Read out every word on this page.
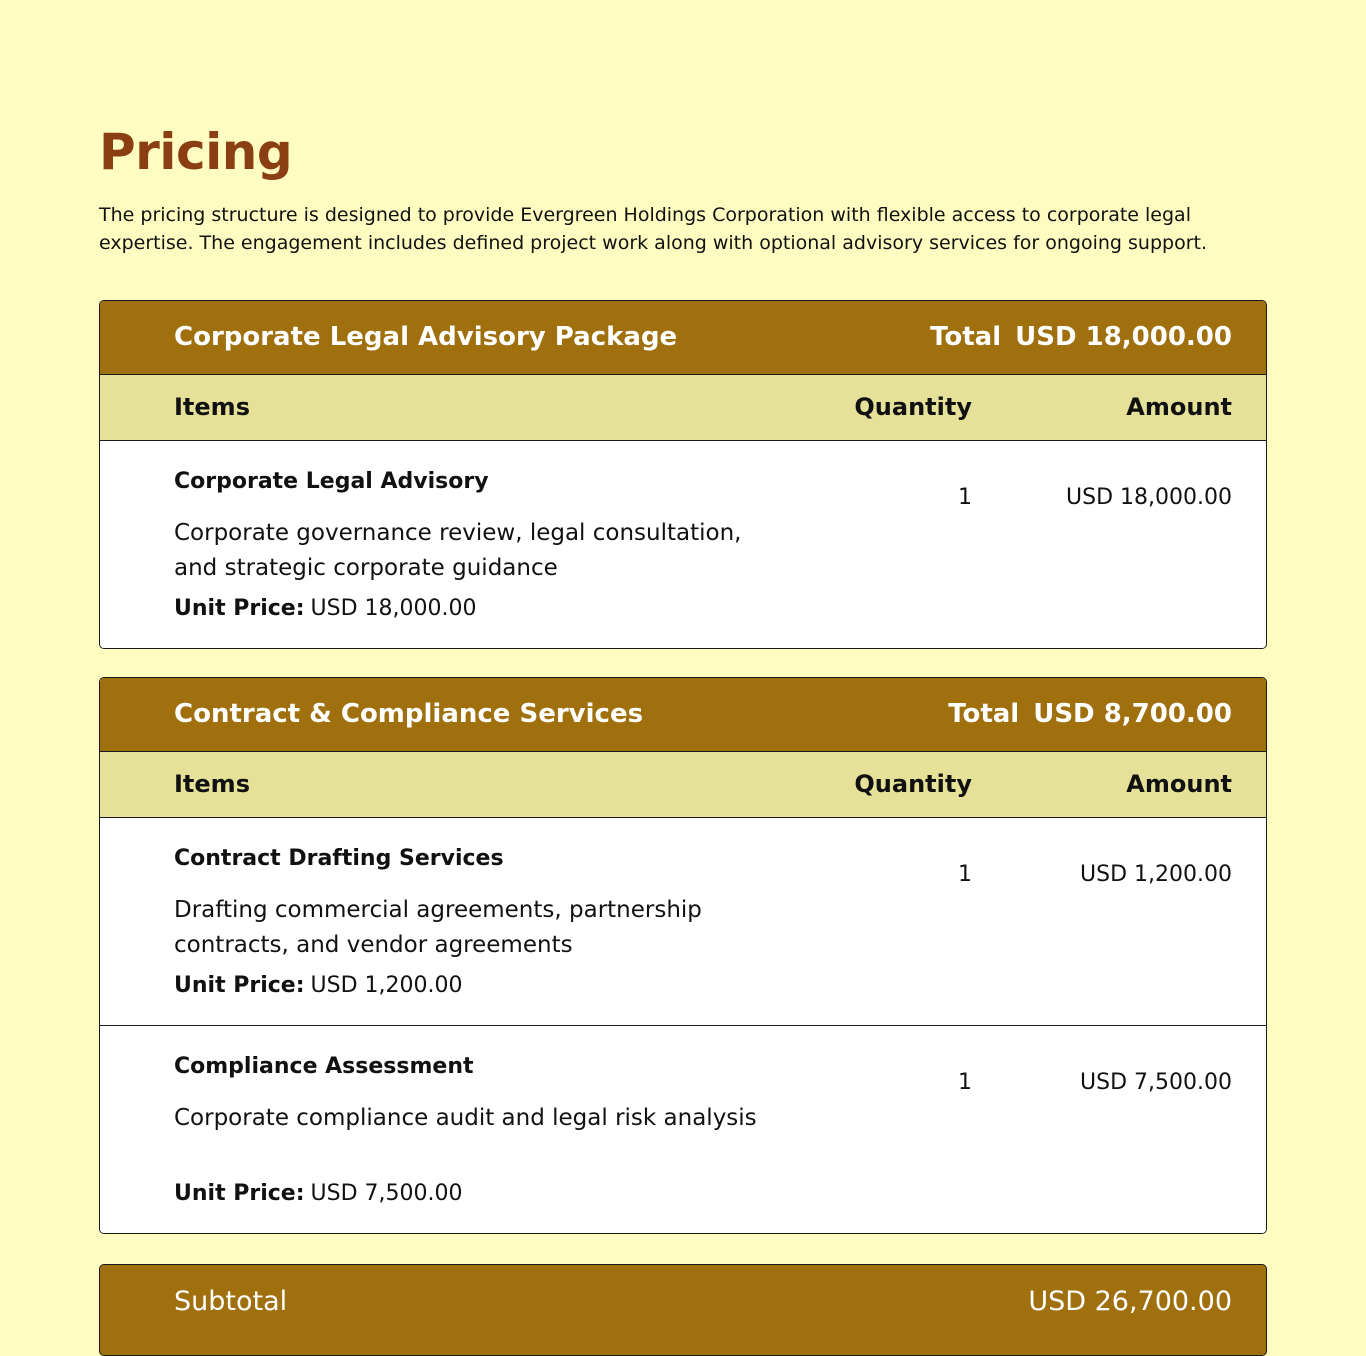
Pricing

The pricing structure is designed to provide Evergreen Holdings Corporation with flexible access to corporate legal expertise. The engagement includes defined project work along with optional advisory services for ongoing support.

Corporate Legal Advisory Package	Total USD 18,000.00
Items	Quantity	Amount
Corporate Legal Advisory
Corporate governance review, legal consultation, and strategic corporate guidance
Unit Price: USD 18,000.00
1	USD 18,000.00
Contract & Compliance Services	Total USD 8,700.00
Items	Quantity	Amount
Contract Drafting Services
Drafting commercial agreements, partnership contracts, and vendor agreements
Unit Price: USD 1,200.00
1	USD 1,200.00
Compliance Assessment
Corporate compliance audit and legal risk analysis
Unit Price: USD 7,500.00
1	USD 7,500.00
Subtotal	USD 26,700.00
